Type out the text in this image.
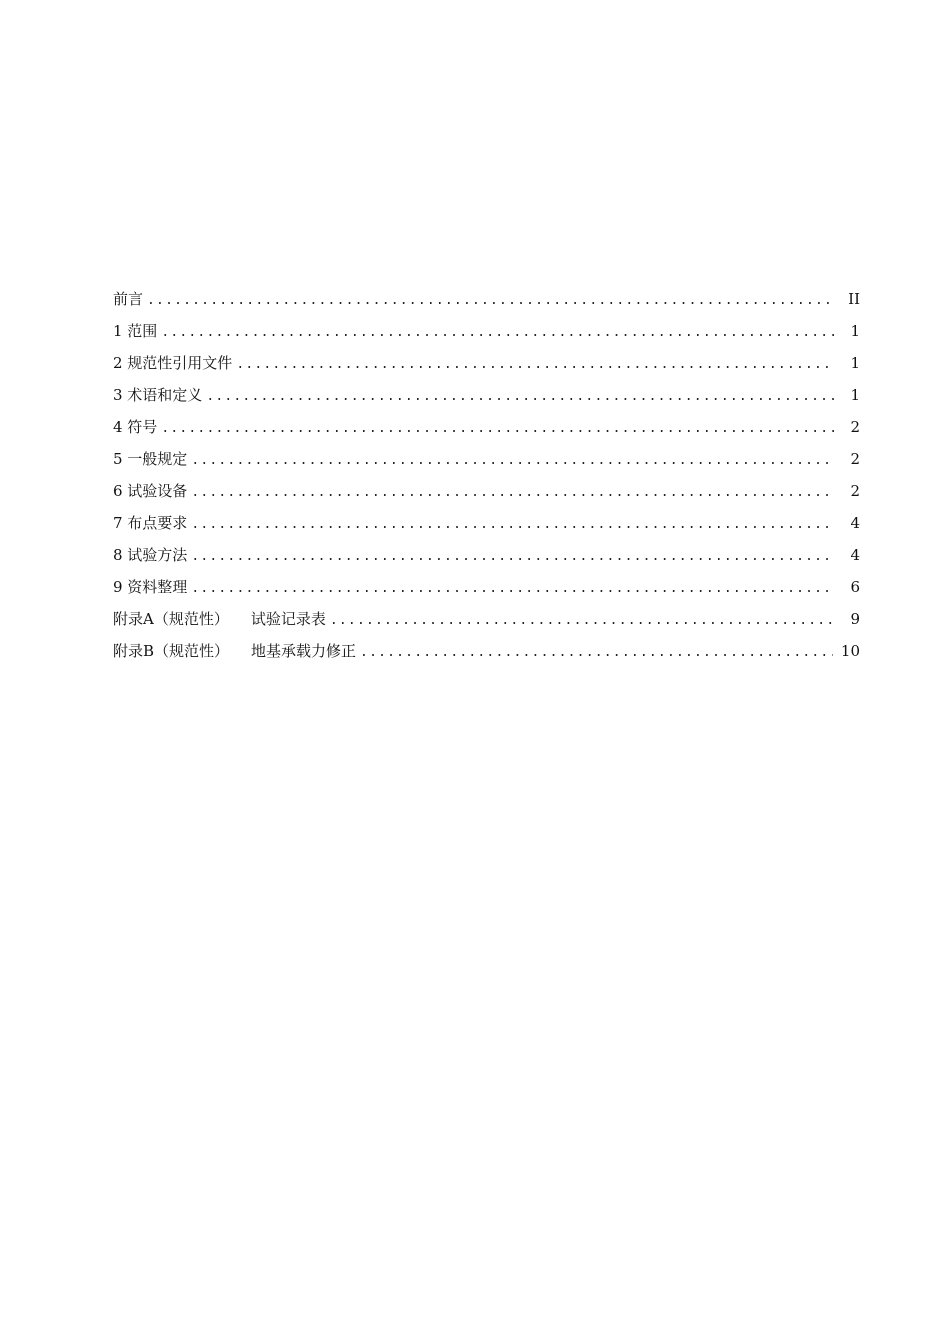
前言 .....	II
1 范围 .....	1
2 规范性引用文件 .....	1
3 术语和定义 .....	1
4 符号 .....	2
5 一般规定 .....	2
6 试验设备 .....	2
7 布点要求 .....	4
8 试验方法 .....	4
9 资料整理 .....	6
附录A（规范性） 试验记录表 .....	9
附录B（规范性） 地基承载力修正 .....	10
